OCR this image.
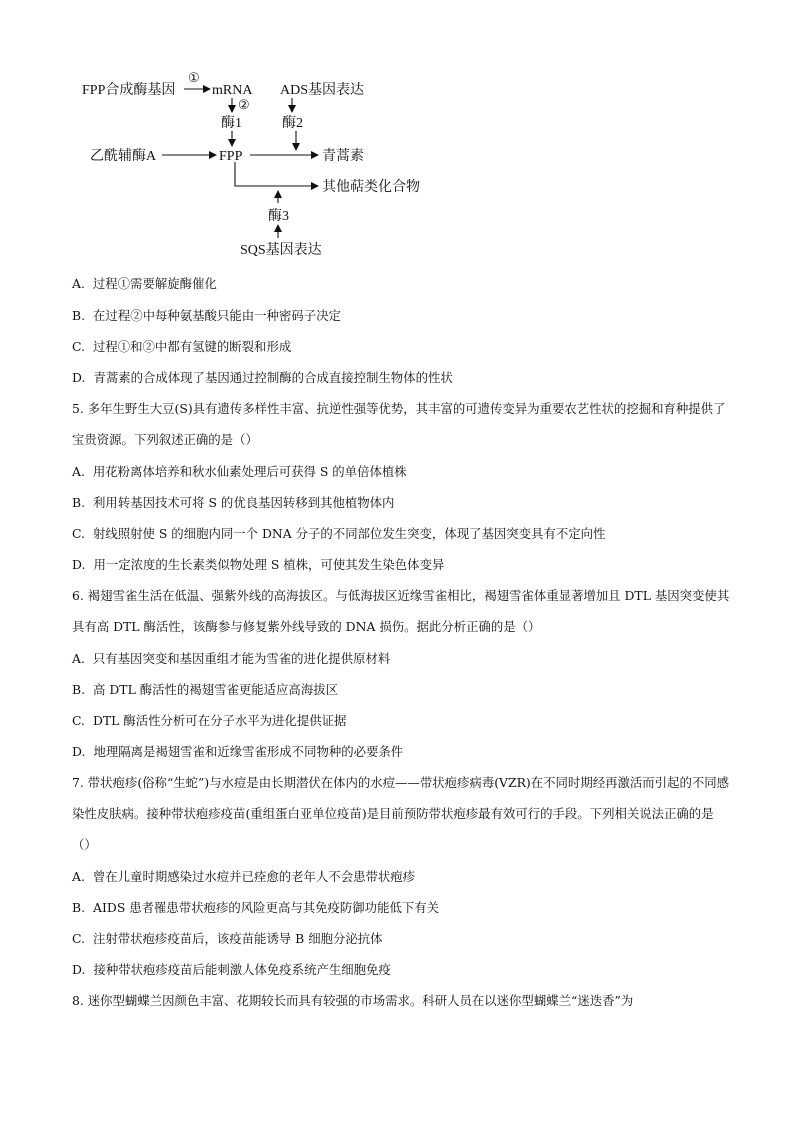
FPP合成酶基因
①
mRNA
②
酶1
ADS基因表达
酶2
乙酰辅酶A	FPP	青蒿素
其他萜类化合物
酶3
SQS基因表达

A. 过程①需要解旋酶催化

B. 在过程②中每种氨基酸只能由一种密码子决定

C. 过程①和②中都有氢键的断裂和形成

D. 青蒿素的合成体现了基因通过控制酶的合成直接控制生物体的性状

5. 多年生野生大豆(S)具有遗传多样性丰富、抗逆性强等优势，其丰富的可遗传变异为重要农艺性状的挖掘和育种提供了宝贵资源。下列叙述正确的是（）

A. 用花粉离体培养和秋水仙素处理后可获得 S 的单倍体植株

B. 利用转基因技术可将 S 的优良基因转移到其他植物体内

C. 射线照射使 S 的细胞内同一个 DNA 分子的不同部位发生突变，体现了基因突变具有不定向性

D. 用一定浓度的生长素类似物处理 S 植株，可使其发生染色体变异

6. 褐翅雪雀生活在低温、强紫外线的高海拔区。与低海拔区近缘雪雀相比，褐翅雪雀体重显著增加且 DTL 基因突变使其具有高 DTL 酶活性，该酶参与修复紫外线导致的 DNA 损伤。据此分析正确的是（）

A. 只有基因突变和基因重组才能为雪雀的进化提供原材料

B. 高 DTL 酶活性的褐翅雪雀更能适应高海拔区

C. DTL 酶活性分析可在分子水平为进化提供证据

D. 地理隔离是褐翅雪雀和近缘雪雀形成不同物种的必要条件

7. 带状疱疹(俗称“生蛇”)与水痘是由长期潜伏在体内的水痘——带状疱疹病毒(VZR)在不同时期经再激活而引起的不同感染性皮肤病。接种带状疱疹疫苗(重组蛋白亚单位疫苗)是目前预防带状疱疹最有效可行的手段。下列相关说法正确的是（）

A. 曾在儿童时期感染过水痘并已痊愈的老年人不会患带状疱疹

B. AIDS 患者罹患带状疱疹的风险更高与其免疫防御功能低下有关

C. 注射带状疱疹疫苗后，该疫苗能诱导 B 细胞分泌抗体

D. 接种带状疱疹疫苗后能刺激人体免疫系统产生细胞免疫

8. 迷你型蝴蝶兰因颜色丰富、花期较长而具有较强的市场需求。科研人员在以迷你型蝴蝶兰“迷迭香”为
